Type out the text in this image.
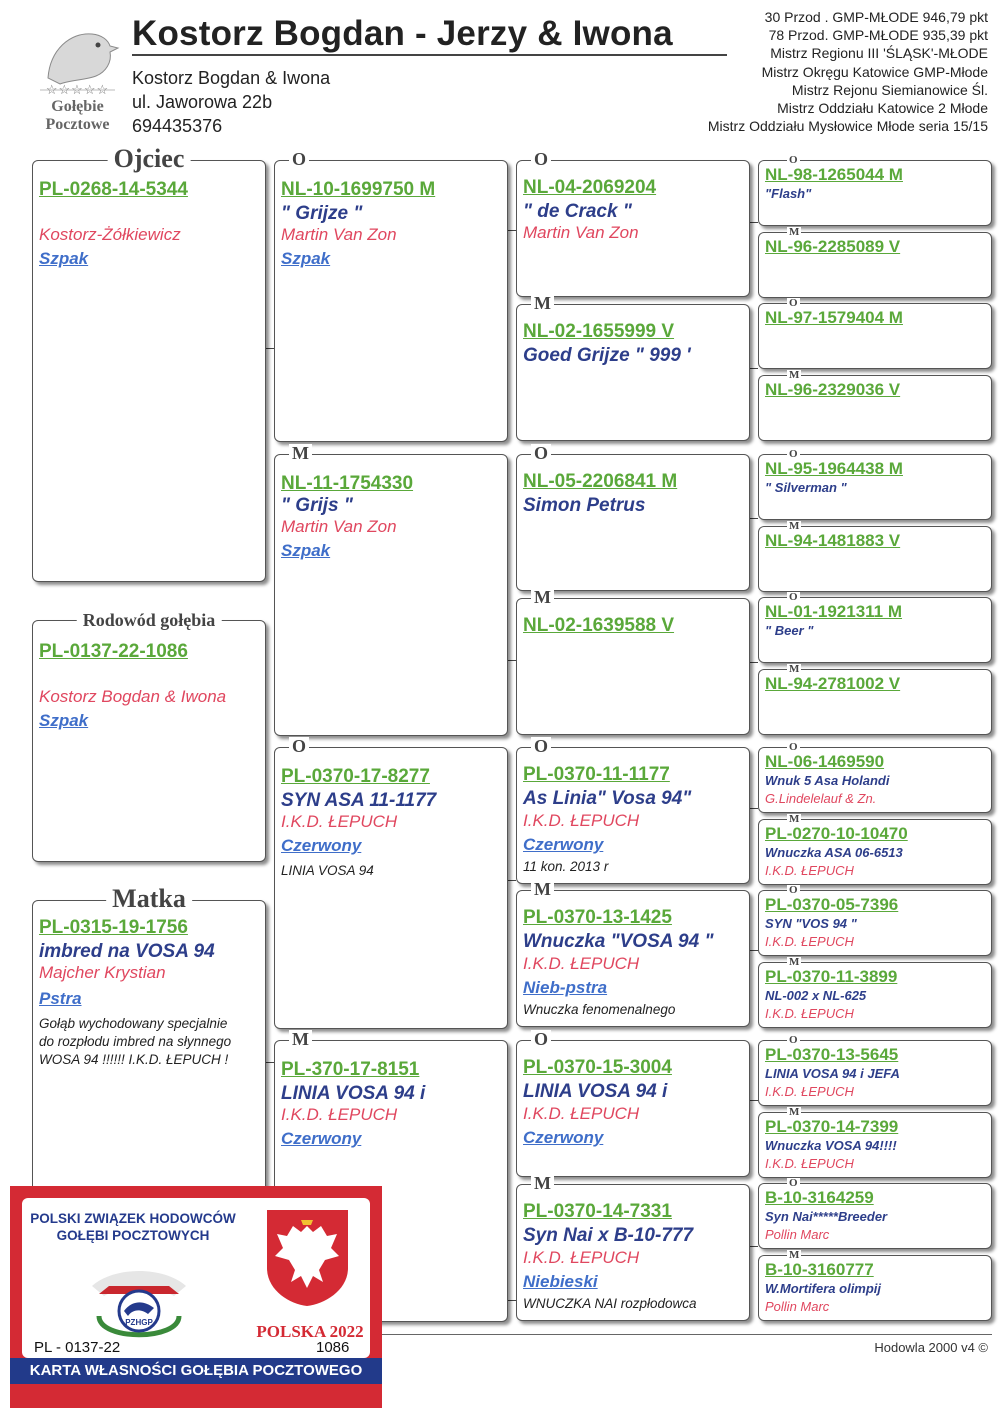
☆☆☆☆☆
Gołębie
Pocztowe
Kostorz Bogdan - Jerzy & Iwona
Kostorz Bogdan & Iwona
ul. Jaworowa 22b
694435376
30 Przod . GMP-MŁODE 946,79 pkt
78 Przod. GMP-MŁODE 935,39 pkt
Mistrz Regionu III 'ŚLĄSK'-MŁODE
Mistrz Okręgu Katowice GMP-Młode
Mistrz Rejonu Siemianowice Śl.
Mistrz Oddziału Katowice 2 Młode
Mistrz Oddziału Mysłowice Młode seria 15/15
Ojciec
PL-0268-14-5344
Kostorz-Żółkiewicz
Szpak
Rodowód gołębia
PL-0137-22-1086
Kostorz Bogdan & Iwona
Szpak
Matka
PL-0315-19-1756
imbred na VOSA 94
Majcher Krystian
Pstra
Gołąb wychodowany specjalnie do rozpłodu imbred na słynnego WOSA 94 !!!!!! I.K.D. ŁEPUCH !
O
NL-10-1699750 M
" Grijze "
Martin Van Zon
Szpak
M
NL-11-1754330
" Grijs "
Martin Van Zon
Szpak
O
PL-0370-17-8277
SYN ASA 11-1177
I.K.D. ŁEPUCH
Czerwony
LINIA VOSA 94
M
PL-370-17-8151
LINIA VOSA 94 i
I.K.D. ŁEPUCH
Czerwony
O
NL-04-2069204
" de Crack "
Martin Van Zon
M
NL-02-1655999 V
Goed Grijze " 999 '
O
NL-05-2206841 M
Simon Petrus
M
NL-02-1639588 V
O
PL-0370-11-1177
As Linia" Vosa 94"
I.K.D. ŁEPUCH
Czerwony
11 kon. 2013 r
M
PL-0370-13-1425
Wnuczka "VOSA 94 "
I.K.D. ŁEPUCH
Nieb-pstra
Wnuczka fenomenalnego
O
PL-0370-15-3004
LINIA VOSA 94 i
I.K.D. ŁEPUCH
Czerwony
M
PL-0370-14-7331
Syn Nai x B-10-777
I.K.D. ŁEPUCH
Niebieski
WNUCZKA NAI rozpłodowca
O
NL-98-1265044 M
"Flash"
M
NL-96-2285089 V
O
NL-97-1579404 M
M
NL-96-2329036 V
O
NL-95-1964438 M
" Silverman "
M
NL-94-1481883 V
O
NL-01-1921311 M
" Beer "
M
NL-94-2781002 V
O
NL-06-1469590
Wnuk 5 Asa Holandi
G.Lindelelauf & Zn.
M
PL-0270-10-10470
Wnuczka ASA 06-6513
I.K.D. ŁEPUCH
O
PL-0370-05-7396
SYN "VOS 94 "
I.K.D. ŁEPUCH
M
PL-0370-11-3899
NL-002 x NL-625
I.K.D. ŁEPUCH
O
PL-0370-13-5645
LINIA VOSA 94 i JEFA
I.K.D. ŁEPUCH
M
PL-0370-14-7399
Wnuczka VOSA 94!!!!
I.K.D. ŁEPUCH
O
B-10-3164259
Syn Nai*****Breeder
Pollin Marc
M
B-10-3160777
W.Mortifera olimpij
Pollin Marc
Hodowla 2000 v4 ©
POLSKI ZWIĄZEK HODOWCÓW
GOŁĘBI POCZTOWYCH
PZHGP	POLSKA 2022
PL - 0137-22	1086
KARTA WŁASNOŚCI GOŁĘBIA POCZTOWEGO
